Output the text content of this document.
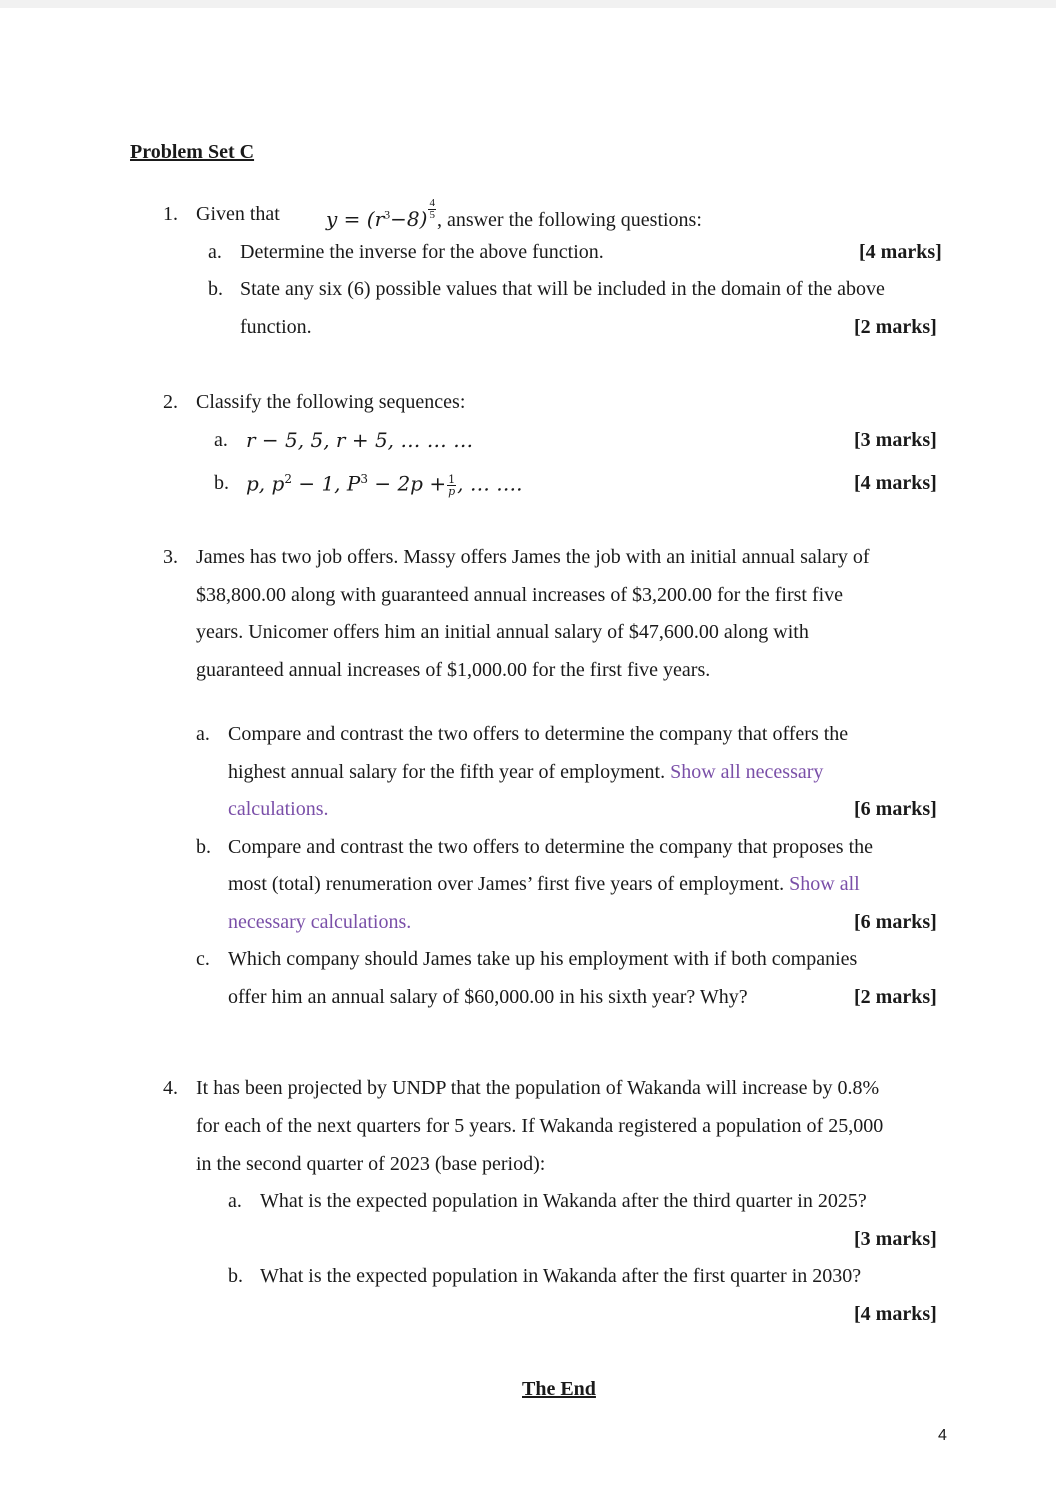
Problem Set C
1. Given that $y = (r^3-8) \frac{4}{5}$ , answer the following questions:
a. Determine the inverse for the above function.	[4 marks]
b. State any six (6) possible values that will be included in the domain of the above
function.	[2 marks]
2. Classify the following sequences:
a. r − 5, 5, r + 5, … … …	[3 marks]
b. p, $p^2 - 1$, $P^3 - 2p + \frac{1}{p}$ , … ….	[4 marks]
3. James has two job offers. Massy offers James the job with an initial annual salary of
$38,800.00 along with guaranteed annual increases of $3,200.00 for the first five
years. Unicomer offers him an initial annual salary of $47,600.00 along with
guaranteed annual increases of $1,000.00 for the first five years.
a. Compare and contrast the two offers to determine the company that offers the
highest annual salary for the fifth year of employment. Show all necessary
calculations.	[6 marks]
b. Compare and contrast the two offers to determine the company that proposes the
most (total) renumeration over James’ first five years of employment. Show all
necessary calculations.	[6 marks]
c. Which company should James take up his employment with if both companies
offer him an annual salary of $60,000.00 in his sixth year? Why?	[2 marks]
4. It has been projected by UNDP that the population of Wakanda will increase by 0.8%
for each of the next quarters for 5 years. If Wakanda registered a population of 25,000
in the second quarter of 2023 (base period):
a. What is the expected population in Wakanda after the third quarter in 2025?
[3 marks]
b. What is the expected population in Wakanda after the first quarter in 2030?
[4 marks]
The End
4
